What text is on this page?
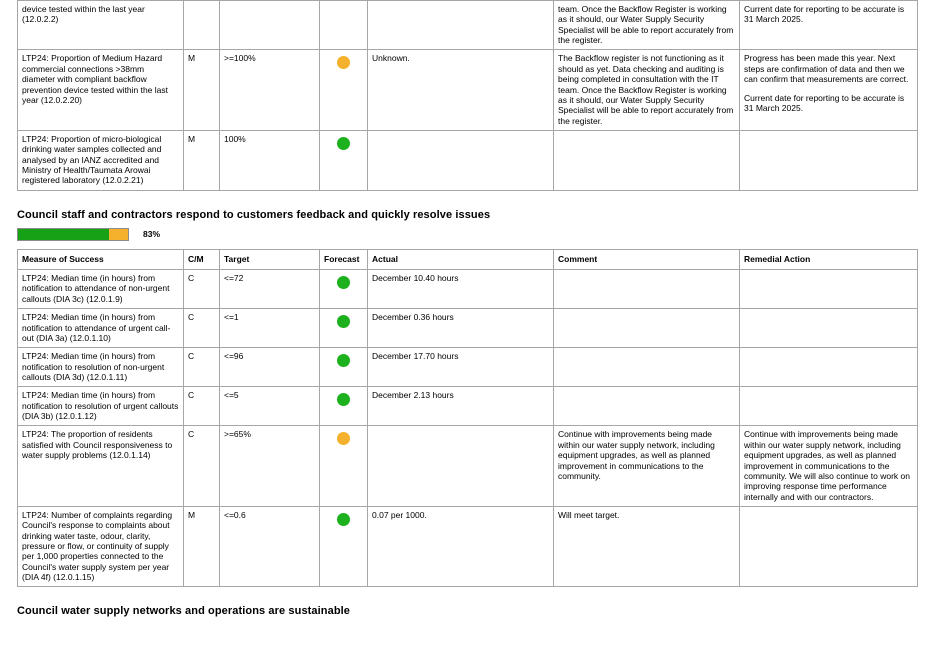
device tested within the last year (12.0.2.2)					team. Once the Backflow Register is working as it should, our Water Supply Security Specialist will be able to report accurately from the register.	Current date for reporting to be accurate is 31 March 2025.
LTP24: Proportion of Medium Hazard commercial connections >38mm diameter with compliant backflow prevention device tested within the last year (12.0.2.20)	M	>=100%		Unknown.	The Backflow register is not functioning as it should as yet. Data checking and auditing is being completed in consultation with the IT team. Once the Backflow Register is working as it should, our Water Supply Security Specialist will be able to report accurately from the register.	Progress has been made this year. Next steps are confirmation of data and then we can confirm that measurements are correct.
Current date for reporting to be accurate is 31 March 2025.

LTP24: Proportion of micro-biological drinking water samples collected and analysed by an IANZ accredited and Ministry of Health/Taumata Arowai registered laboratory (12.0.2.21)	M	100%	

Council staff and contractors respond to customers feedback and quickly resolve issues
83%
Measure of Success	C/M	Target	Forecast	Actual	Comment	Remedial Action
LTP24: Median time (in hours) from notification to attendance of non-urgent callouts (DIA 3c) (12.0.1.9)	C	<=72		December 10.40 hours		
LTP24: Median time (in hours) from notification to attendance of urgent call-out (DIA 3a) (12.0.1.10)	C	<=1		December 0.36 hours		
LTP24: Median time (in hours) from notification to resolution of non-urgent callouts (DIA 3d) (12.0.1.11)	C	<=96		December 17.70 hours		
LTP24: Median time (in hours) from notification to resolution of urgent callouts (DIA 3b) (12.0.1.12)	C	<=5		December 2.13 hours		
LTP24: The proportion of residents satisfied with Council responsiveness to water supply problems (12.0.1.14)	C	>=65%			Continue with improvements being made within our water supply network, including equipment upgrades, as well as planned improvement in communications to the community.	Continue with improvements being made within our water supply network, including equipment upgrades, as well as planned improvement in communications to the community. We will also continue to work on improving response time performance internally and with our contractors.
LTP24: Number of complaints regarding Council's response to complaints about drinking water taste, odour, clarity, pressure or flow, or continuity of supply per 1,000 properties connected to the Council's water supply system per year (DIA 4f) (12.0.1.15)	M	<=0.6		0.07 per 1000.	Will meet target.	
Council water supply networks and operations are sustainable
